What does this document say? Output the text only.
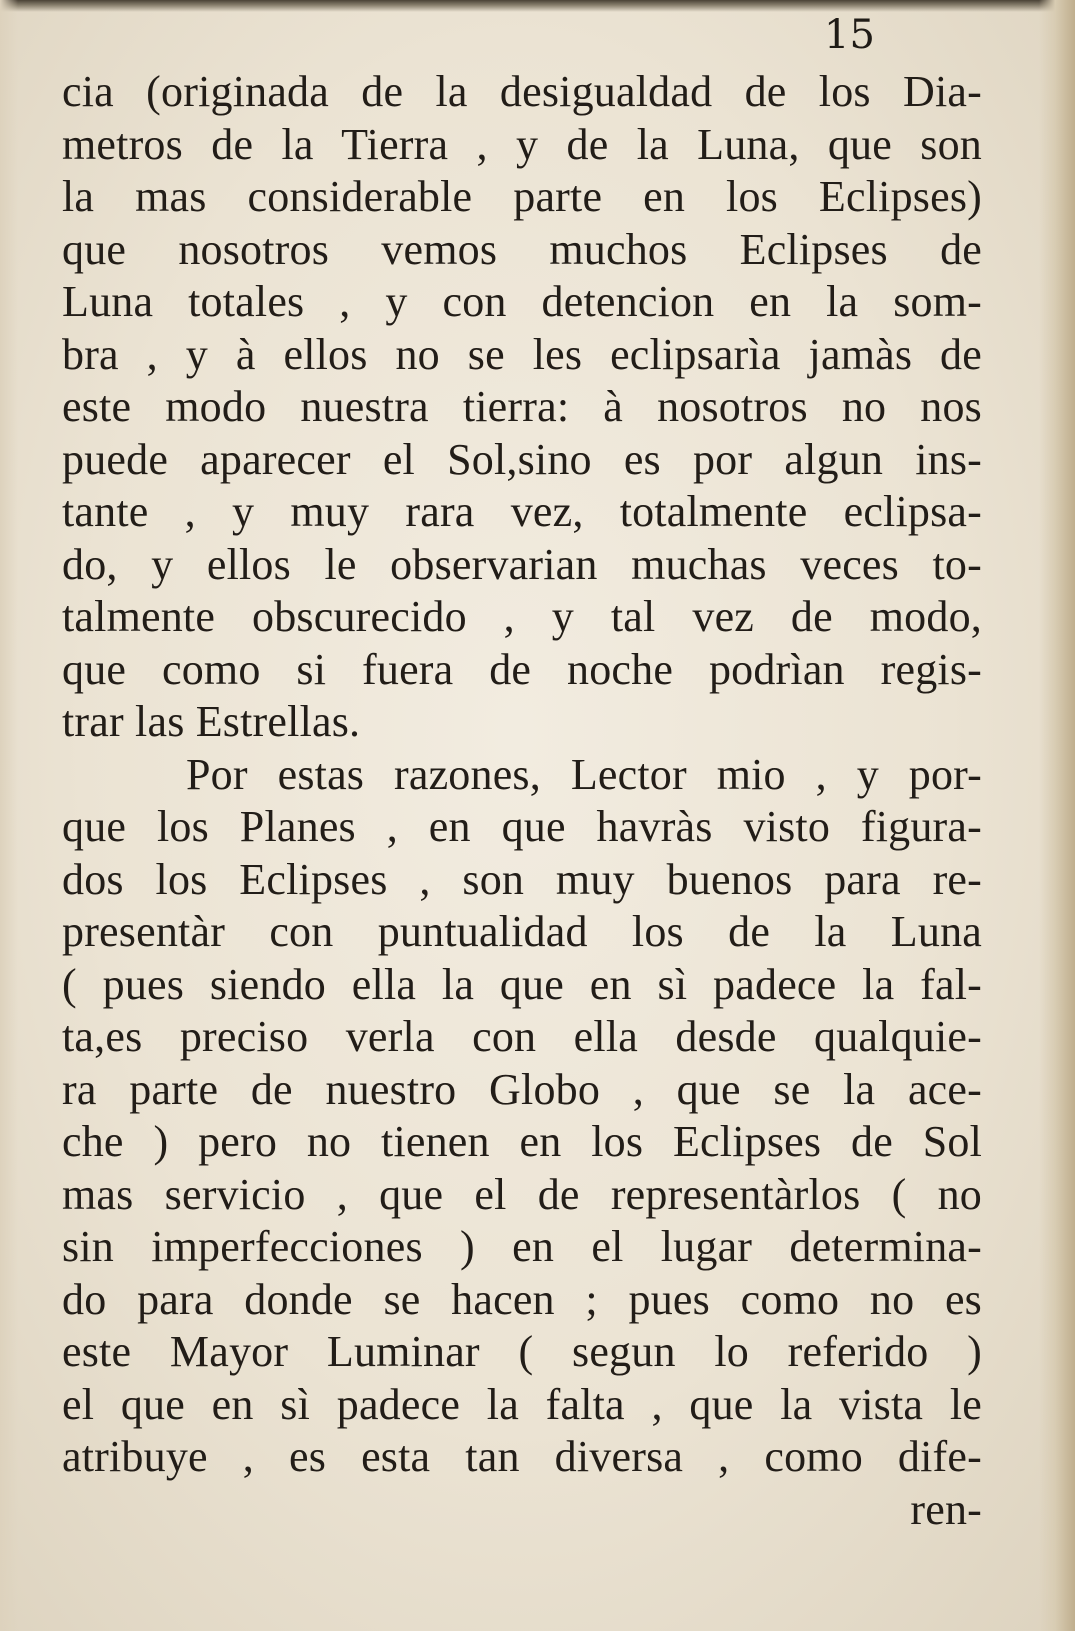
15

cia (originada de la desigualdad de los Dia-
metros de la Tierra , y de la Luna, que son
la mas considerable parte en los Eclipses)
que nosotros vemos muchos Eclipses de
Luna totales , y con detencion en la som-
bra , y à ellos no se les eclipsarìa jamàs de
este modo nuestra tierra: à nosotros no nos
puede aparecer el Sol,sino es por algun ins-
tante , y muy rara vez, totalmente eclipsa-
do, y ellos le observarian muchas veces to-
talmente obscurecido , y tal vez de modo,
que como si fuera de noche podrìan regis-
trar las Estrellas.
Por estas razones, Lector mio , y por-
que los Planes , en que havràs visto figura-
dos los Eclipses , son muy buenos para re-
presentàr con puntualidad los de la Luna
( pues siendo ella la que en sì padece la fal-
ta,es preciso verla con ella desde qualquie-
ra parte de nuestro Globo , que se la ace-
che ) pero no tienen en los Eclipses de Sol
mas servicio , que el de representàrlos ( no
sin imperfecciones ) en el lugar determina-
do para donde se hacen ; pues como no es
este Mayor Luminar ( segun lo referido )
el que en sì padece la falta , que la vista le
atribuye , es esta tan diversa , como dife-
ren-
